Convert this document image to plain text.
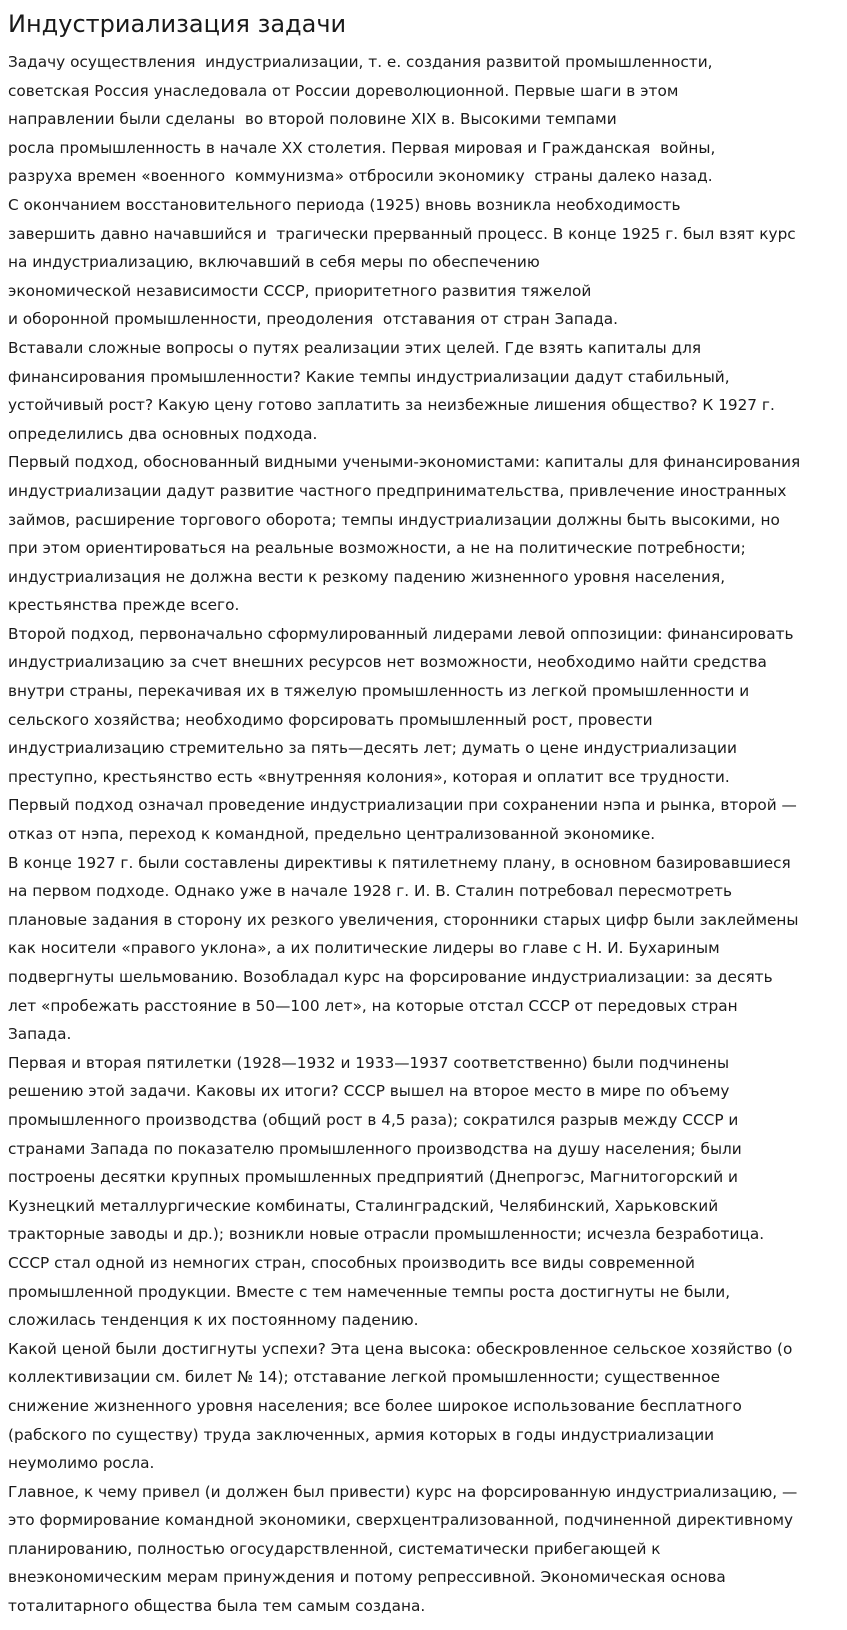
Индустриализация задачи
Задачу осуществления  индустриализации, т. е. создания развитой промышленности,
советская Россия унаследовала от России дореволюционной. Первые шаги в этом
направлении были сделаны  во второй половине XIX в. Высокими темпами
росла промышленность в начале XX столетия. Первая мировая и Гражданская  войны,
разруха времен «военного  коммунизма» отбросили экономику  страны далеко назад.
С окончанием восстановительного периода (1925) вновь возникла необходимость
завершить давно начавшийся и  трагически прерванный процесс. В конце 1925 г. был взят курс
на индустриализацию, включавший в себя меры по обеспечению
экономической независимости СССР, приоритетного развития тяжелой
и оборонной промышленности, преодоления  отставания от стран Запада.
Вставали сложные вопросы о путях реализации этих целей. Где взять капиталы для
финансирования промышленности? Какие темпы индустриализации дадут стабильный,
устойчивый рост? Какую цену готово заплатить за неизбежные лишения общество? К 1927 г.
определились два основных подхода.
Первый подход, обоснованный видными учеными-экономистами: капиталы для финансирования
индустриализации дадут развитие частного предпринимательства, привлечение иностранных
займов, расширение торгового оборота; темпы индустриализации должны быть высокими, но
при этом ориентироваться на реальные возможности, а не на политические потребности;
индустриализация не должна вести к резкому падению жизненного уровня населения,
крестьянства прежде всего.
Второй подход, первоначально сформулированный лидерами левой оппозиции: финансировать
индустриализацию за счет внешних ресурсов нет возможности, необходимо найти средства
внутри страны, перекачивая их в тяжелую промышленность из легкой промышленности и
сельского хозяйства; необходимо форсировать промышленный рост, провести
индустриализацию стремительно за пять—десять лет; думать о цене индустриализации
преступно, крестьянство есть «внутренняя колония», которая и оплатит все трудности.
Первый подход означал проведение индустриализации при сохранении нэпа и рынка, второй —
отказ от нэпа, переход к командной, предельно централизованной экономике.
В конце 1927 г. были составлены директивы к пятилетнему плану, в основном базировавшиеся
на первом подходе. Однако уже в начале 1928 г. И. В. Сталин потребовал пересмотреть
плановые задания в сторону их резкого увеличения, сторонники старых цифр были заклеймены
как носители «правого уклона», а их политические лидеры во главе с Н. И. Бухариным
подвергнуты шельмованию. Возобладал курс на форсирование индустриализации: за десять
лет «пробежать расстояние в 50—100 лет», на которые отстал СССР от передовых стран
Запада.
Первая и вторая пятилетки (1928—1932 и 1933—1937 соответственно) были подчинены
решению этой задачи. Каковы их итоги? СССР вышел на второе место в мире по объему
промышленного производства (общий рост в 4,5 раза); сократился разрыв между СССР и
странами Запада по показателю промышленного производства на душу населения; были
построены десятки крупных промышленных предприятий (Днепрогэс, Магнитогорский и
Кузнецкий металлургические комбинаты, Сталинградский, Челябинский, Харьковский
тракторные заводы и др.); возникли новые отрасли промышленности; исчезла безработица.
СССР стал одной из немногих стран, способных производить все виды современной
промышленной продукции. Вместе с тем намеченные темпы роста достигнуты не были,
сложилась тенденция к их постоянному падению.
Какой ценой были достигнуты успехи? Эта цена высока: обескровленное сельское хозяйство (о
коллективизации см. билет № 14); отставание легкой промышленности; существенное
снижение жизненного уровня населения; все более широкое использование бесплатного
(рабского по существу) труда заключенных, армия которых в годы индустриализации
неумолимо росла.
Главное, к чему привел (и должен был привести) курс на форсированную индустриализацию, —
это формирование командной экономики, сверхцентрализованной, подчиненной директивному
планированию, полностью огосударствленной, систематически прибегающей к
внеэкономическим мерам принуждения и потому репрессивной. Экономическая основа
тоталитарного общества была тем самым создана.
